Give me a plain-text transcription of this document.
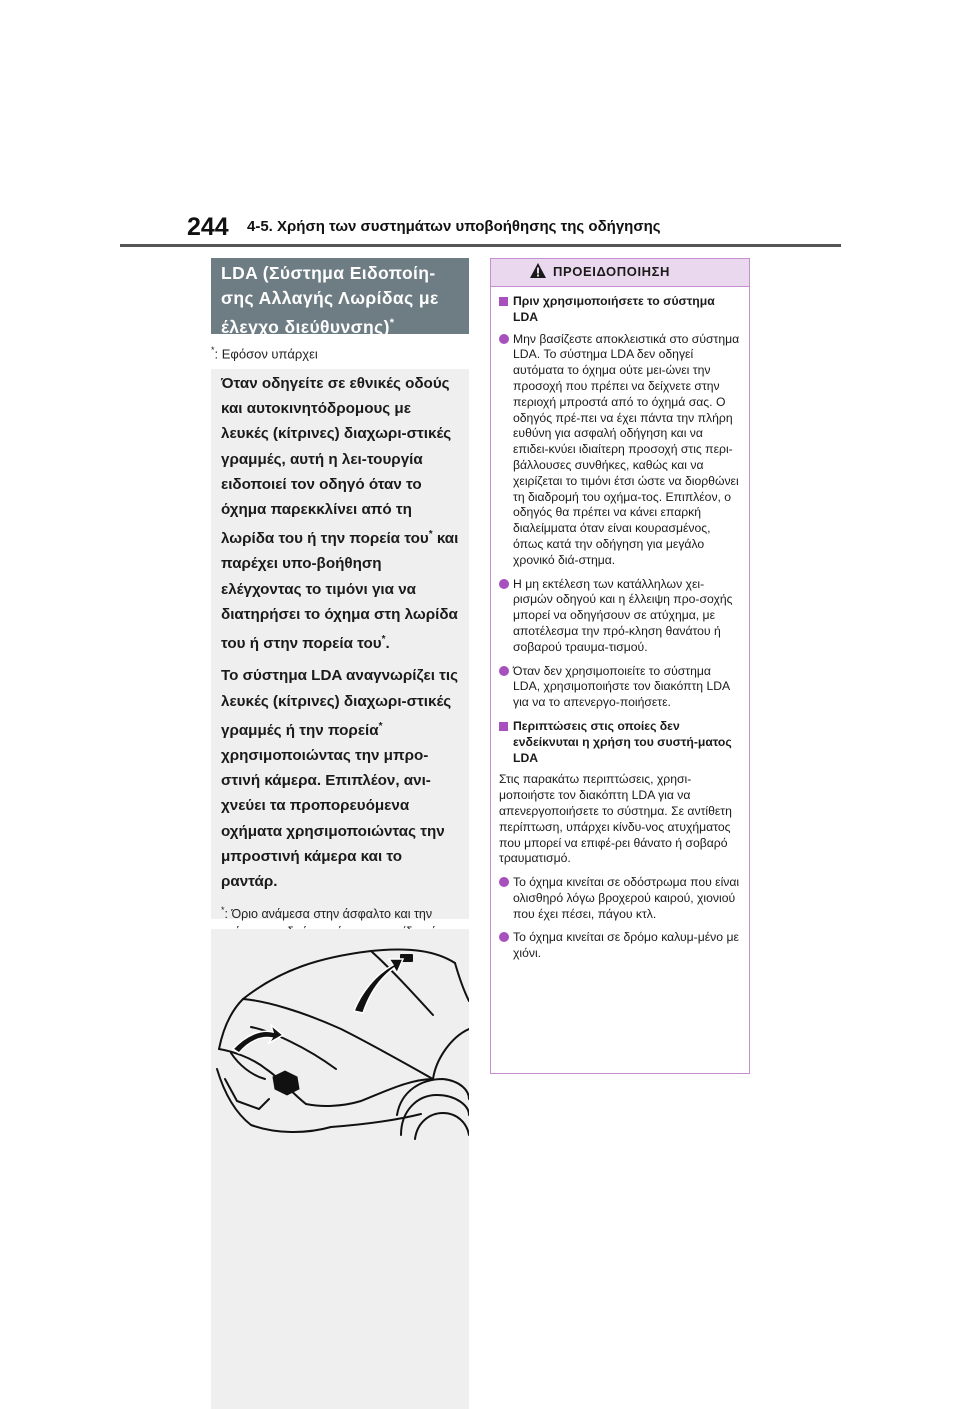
244 4-5. Χρήση των συστημάτων υποβοήθησης της οδήγησης
LDA (Σύστημα Ειδοποίη-σης Αλλαγής Λωρίδας με έλεγχο διεύθυνσης)*
*: Εφόσον υπάρχει

Όταν οδηγείτε σε εθνικές οδούς και αυτοκινητόδρομους με λευκές (κίτρινες) διαχωρι-στικές γραμμές, αυτή η λει-τουργία ειδοποιεί τον οδηγό όταν το όχημα παρεκκλίνει από τη λωρίδα του ή την πορεία του* και παρέχει υπο-βοήθηση ελέγχοντας το τιμόνι για να διατηρήσει το όχημα στη λωρίδα του ή στην πορεία του*.

Το σύστημα LDA αναγνωρίζει τις λευκές (κίτρινες) διαχωρι-στικές γραμμές ή την πορεία* χρησιμοποιώντας την μπρο-στινή κάμερα. Επιπλέον, ανι-χνεύει τα προπορευόμενα οχήματα χρησιμοποιώντας την μπροστινή κάμερα και το ραντάρ.

*: Όριο ανάμεσα στην άσφαλτο και την
ΠΡΟΕΙΔΟΠΟΙΗΣΗ
Πριν χρησιμοποιήσετε το σύστημα LDA
Μην βασίζεστε αποκλειστικά στο σύστημα LDA. Το σύστημα LDA δεν οδηγεί αυτόματα το όχημα ούτε μει-ώνει την προσοχή που πρέπει να δείχνετε στην περιοχή μπροστά από το όχημά σας. Ο οδηγός πρέ-πει να έχει πάντα την πλήρη ευθύνη για ασφαλή οδήγηση και να επιδει-κνύει ιδιαίτερη προσοχή στις περι-βάλλουσες συνθήκες, καθώς και να χειρίζεται το τιμόνι έτσι ώστε να διορθώνει τη διαδρομή του οχήμα-τος. Επιπλέον, ο οδηγός θα πρέπει να κάνει επαρκή διαλείμματα όταν είναι κουρασμένος, όπως κατά την οδήγηση για μεγάλο χρονικό διά-στημα.
Η μη εκτέλεση των κατάλληλων χει-ρισμών οδηγού και η έλλειψη προ-σοχής μπορεί να οδηγήσουν σε ατύχημα, με αποτέλεσμα την πρό-κληση θανάτου ή σοβαρού τραυμα-τισμού.
Όταν δεν χρησιμοποιείτε το σύστημα LDA, χρησιμοποιήστε τον διακόπτη LDA για να το απενεργο-ποιήσετε.
Περιπτώσεις στις οποίες δεν ενδείκνυται η χρήση του συστή-ματος LDA
Στις παρακάτω περιπτώσεις, χρησι-μοποιήστε τον διακόπτη LDA για να απενεργοποιήσετε το σύστημα. Σε αντίθετη περίπτωση, υπάρχει κίνδυ-νος ατυχήματος που μπορεί να επιφέ-ρει θάνατο ή σοβαρό τραυματισμό.
Το όχημα κινείται σε οδόστρωμα που είναι ολισθηρό λόγω βροχερού καιρού, χιονιού που έχει πέσει, πάγου κτλ.
Το όχημα κινείται σε δρόμο καλυμ-μένο με χιόνι.
